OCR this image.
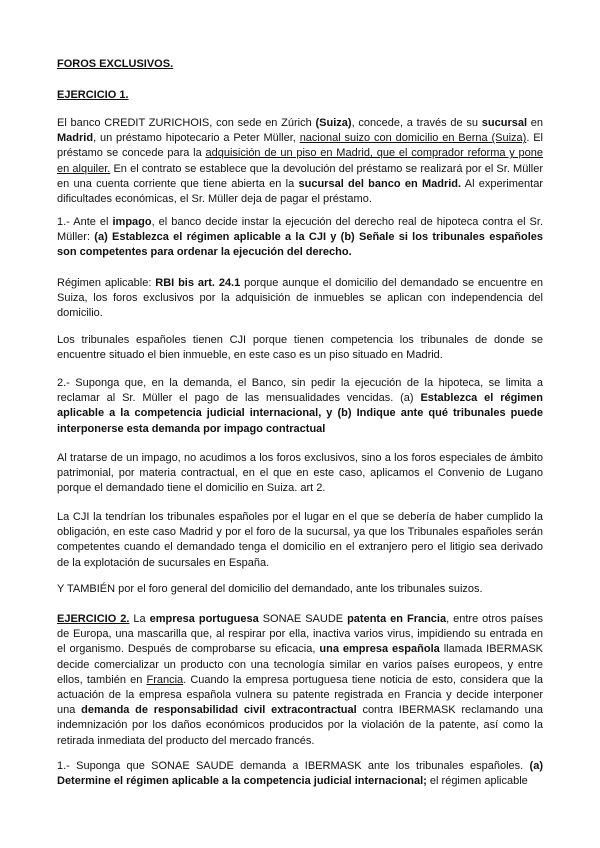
FOROS EXCLUSIVOS.

EJERCICIO 1.

El banco CREDIT ZURICHOIS, con sede en Zúrich (Suiza), concede, a través de su sucursal en Madrid, un préstamo hipotecario a Peter Müller, nacional suizo con domicilio en Berna (Suiza). El préstamo se concede para la adquisición de un piso en Madrid, que el comprador reforma y pone en alquiler. En el contrato se establece que la devolución del préstamo se realizará por el Sr. Müller en una cuenta corriente que tiene abierta en la sucursal del banco en Madrid. Al experimentar dificultades económicas, el Sr. Müller deja de pagar el préstamo.

1.- Ante el impago, el banco decide instar la ejecución del derecho real de hipoteca contra el Sr. Müller: (a) Establezca el régimen aplicable a la CJI y (b) Señale si los tribunales españoles son competentes para ordenar la ejecución del derecho.

Régimen aplicable: RBI bis art. 24.1 porque aunque el domicilio del demandado se encuentre en Suiza, los foros exclusivos por la adquisición de inmuebles se aplican con independencia del domicilio.

Los tribunales españoles tienen CJI porque tienen competencia los tribunales de donde se encuentre situado el bien inmueble, en este caso es un piso situado en Madrid.

2.- Suponga que, en la demanda, el Banco, sin pedir la ejecución de la hipoteca, se limita a reclamar al Sr. Müller el pago de las mensualidades vencidas. (a) Establezca el régimen aplicable a la competencia judicial internacional, y (b) Indique ante qué tribunales puede interponerse esta demanda por impago contractual

Al tratarse de un impago, no acudimos a los foros exclusivos, sino a los foros especiales de ámbito patrimonial, por materia contractual, en el que en este caso, aplicamos el Convenio de Lugano porque el demandado tiene el domicilio en Suiza. art 2.

La CJI la tendrían los tribunales españoles por el lugar en el que se debería de haber cumplido la obligación, en este caso Madrid y por el foro de la sucursal, ya que los Tribunales españoles serán competentes cuando el demandado tenga el domicilio en el extranjero pero el litigio sea derivado de la explotación de sucursales en España.

Y TAMBIÉN por el foro general del domicilio del demandado, ante los tribunales suizos.

EJERCICIO 2. La empresa portuguesa SONAE SAUDE patenta en Francia, entre otros países de Europa, una mascarilla que, al respirar por ella, inactiva varios virus, impidiendo su entrada en el organismo. Después de comprobarse su eficacia, una empresa española llamada IBERMASK decide comercializar un producto con una tecnología similar en varios países europeos, y entre ellos, también en Francia. Cuando la empresa portuguesa tiene noticia de esto, considera que la actuación de la empresa española vulnera su patente registrada en Francia y decide interponer una demanda de responsabilidad civil extracontractual contra IBERMASK reclamando una indemnización por los daños económicos producidos por la violación de la patente, así como la retirada inmediata del producto del mercado francés.

1.- Suponga que SONAE SAUDE demanda a IBERMASK ante los tribunales españoles. (a) Determine el régimen aplicable a la competencia judicial internacional; el régimen aplicable
